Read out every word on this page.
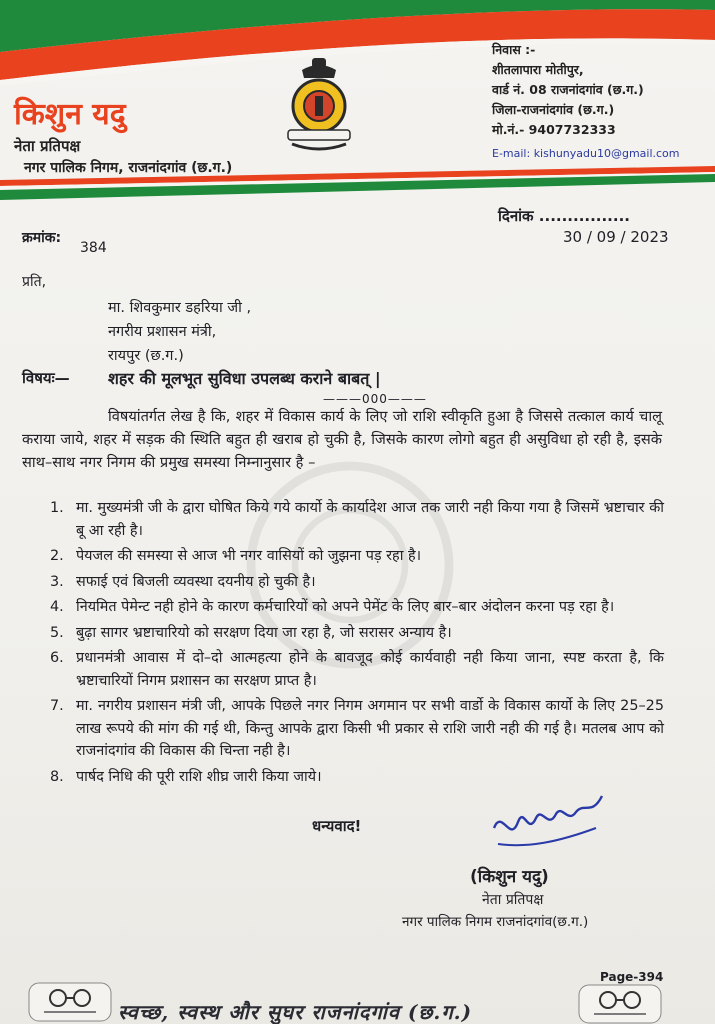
किशुन यदु
नेता प्रतिपक्ष
नगर पालिक निगम, राजनांदगांव (छ.ग.)
निवास :-
शीतलापारा मोतीपुर,
वार्ड नं. 08 राजनांदगांव (छ.ग.)
जिला-राजनांदगांव (छ.ग.)
मो.नं.- 9407732333
E-mail: kishunyadu10@gmail.com
दिनांक ................
30 / 09 / 2023
क्रमांक:
384
प्रति,
मा. शिवकुमार डहरिया जी ,
नगरीय प्रशासन मंत्री,
रायपुर (छ.ग.)
विषयः— शहर की मूलभूत सुविधा उपलब्ध कराने बाबत् |
———000———
विषयांतर्गत लेख है कि, शहर में विकास कार्य के लिए जो राशि स्वीकृति हुआ है जिससे तत्काल कार्य चालू कराया जाये, शहर में सड़क की स्थिति बहुत ही खराब हो चुकी है, जिसके कारण लोगो बहुत ही असुविधा हो रही है, इसके साथ–साथ नगर निगम की प्रमुख समस्या निम्नानुसार है –
1. मा. मुख्यमंत्री जी के द्वारा घोषित किये गये कार्यो के कार्यादेश आज तक जारी नही किया गया है जिसमें भ्रष्टाचार की बू आ रही है।
2. पेयजल की समस्या से आज भी नगर वासियों को जुझना पड़ रहा है।
3. सफाई एवं बिजली व्यवस्था दयनीय हो चुकी है।
4. नियमित पेमेन्ट नही होने के कारण कर्मचारियों को अपने पेमेंट के लिए बार–बार अंदोलन करना पड़ रहा है।
5. बुढ़ा सागर भ्रष्टाचारियो को सरक्षण दिया जा रहा है, जो सरासर अन्याय है।
6. प्रधानमंत्री आवास में दो–दो आत्महत्या होने के बावजूद कोई कार्यवाही नही किया जाना, स्पष्ट करता है, कि भ्रष्टाचारियों निगम प्रशासन का सरक्षण प्राप्त है।
7. मा. नगरीय प्रशासन मंत्री जी, आपके पिछले नगर निगम अगमान पर सभी वार्डो के विकास कार्यो के लिए 25–25 लाख रूपये की मांग की गई थी, किन्तु आपके द्वारा किसी भी प्रकार से राशि जारी नही की गई है। मतलब आप को राजनांदगांव की विकास की चिन्ता नही है।
8. पार्षद निधि की पूरी राशि शीघ्र जारी किया जाये।
धन्यवाद!
(किशुन यदु)
नेता प्रतिपक्ष
नगर पालिक निगम राजनांदगांव(छ.ग.)
Page-394
स्वच्छ, स्वस्थ और सुघर राजनांदगांव (छ.ग.)
